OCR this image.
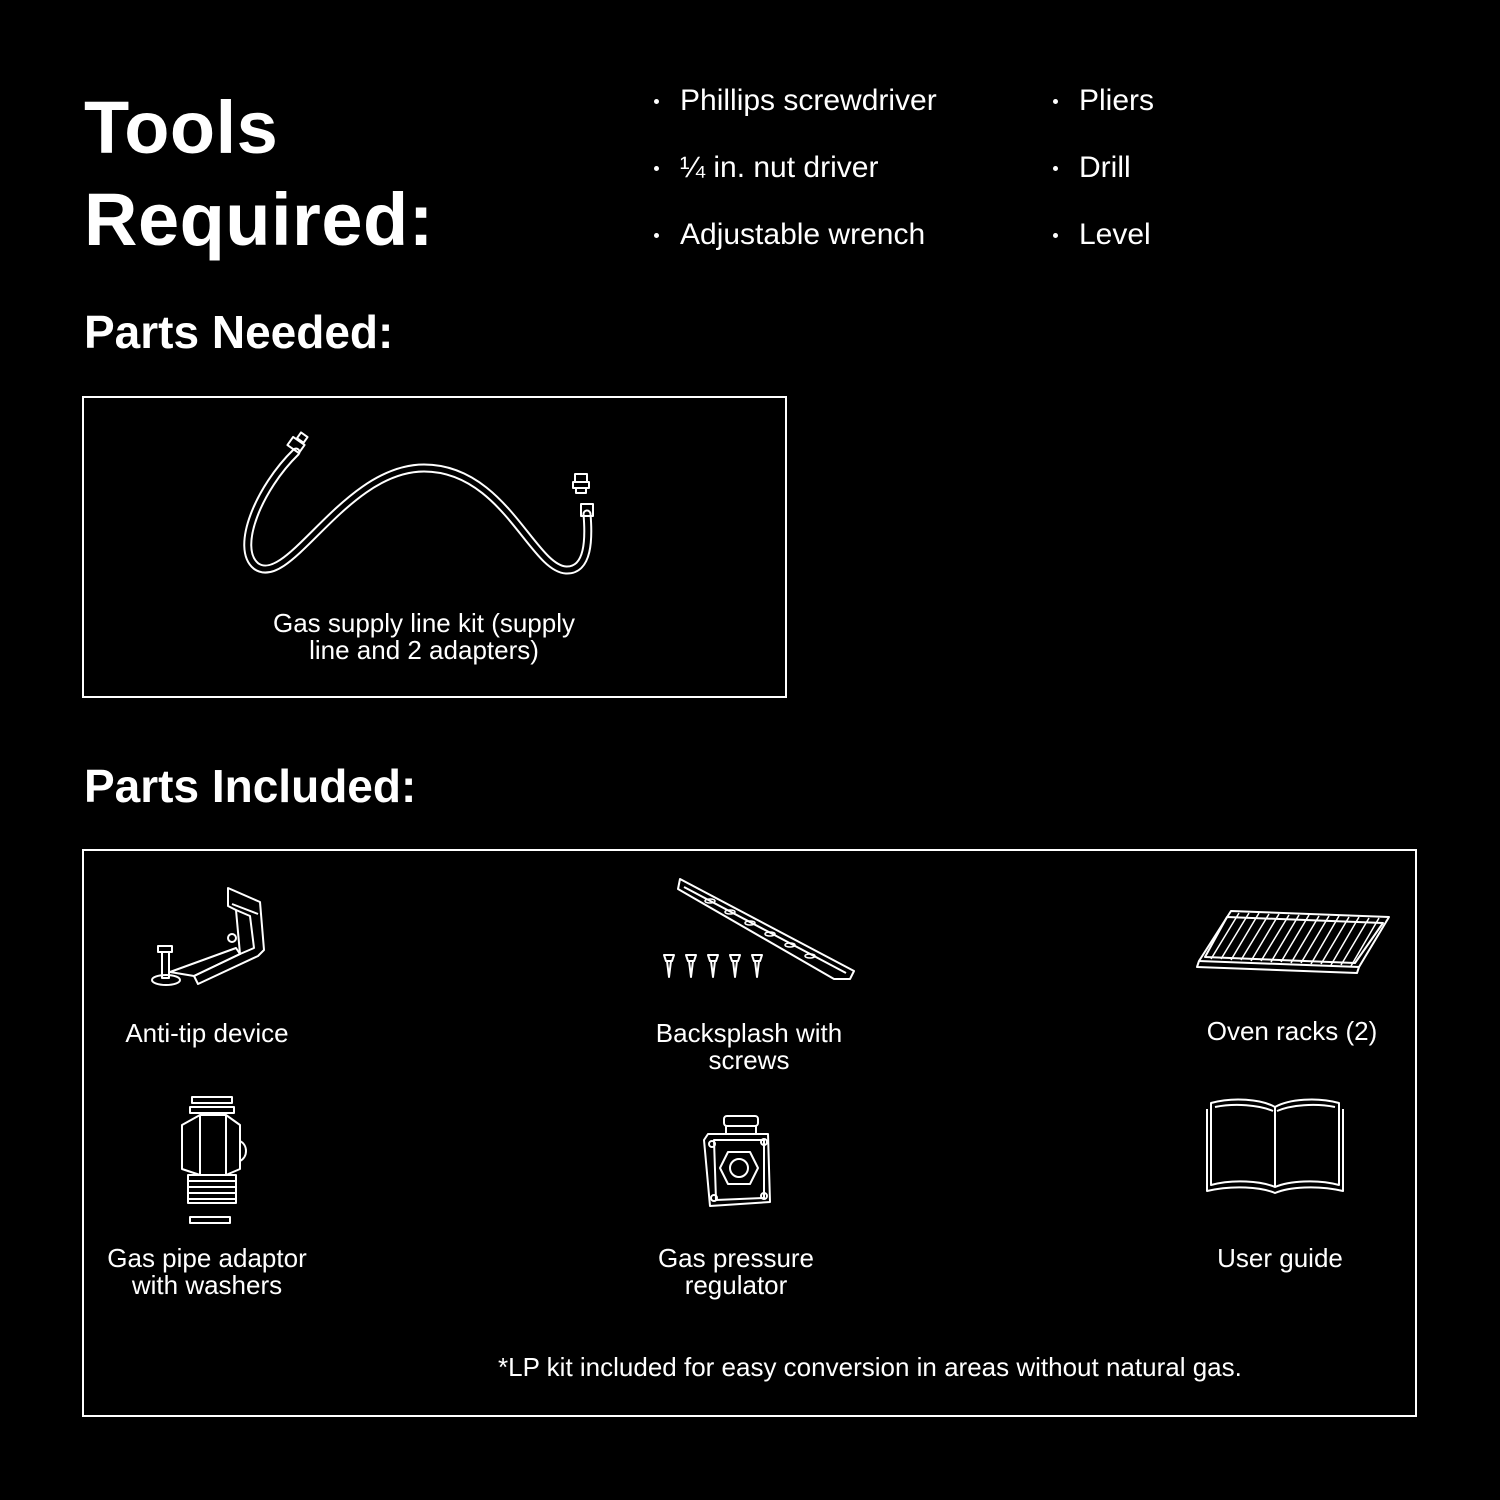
Tools
Required:
Phillips screwdriver
¼ in. nut driver
Adjustable wrench
Pliers
Drill
Level
Parts Needed:
Gas supply line kit (supply
line and 2 adapters)
Parts Included:
Anti-tip device	Backsplash with
screws
Oven racks (2)
Gas pipe adaptor
with washers
Gas pressure
regulator
User guide
*LP kit included for easy conversion in areas without natural gas.
